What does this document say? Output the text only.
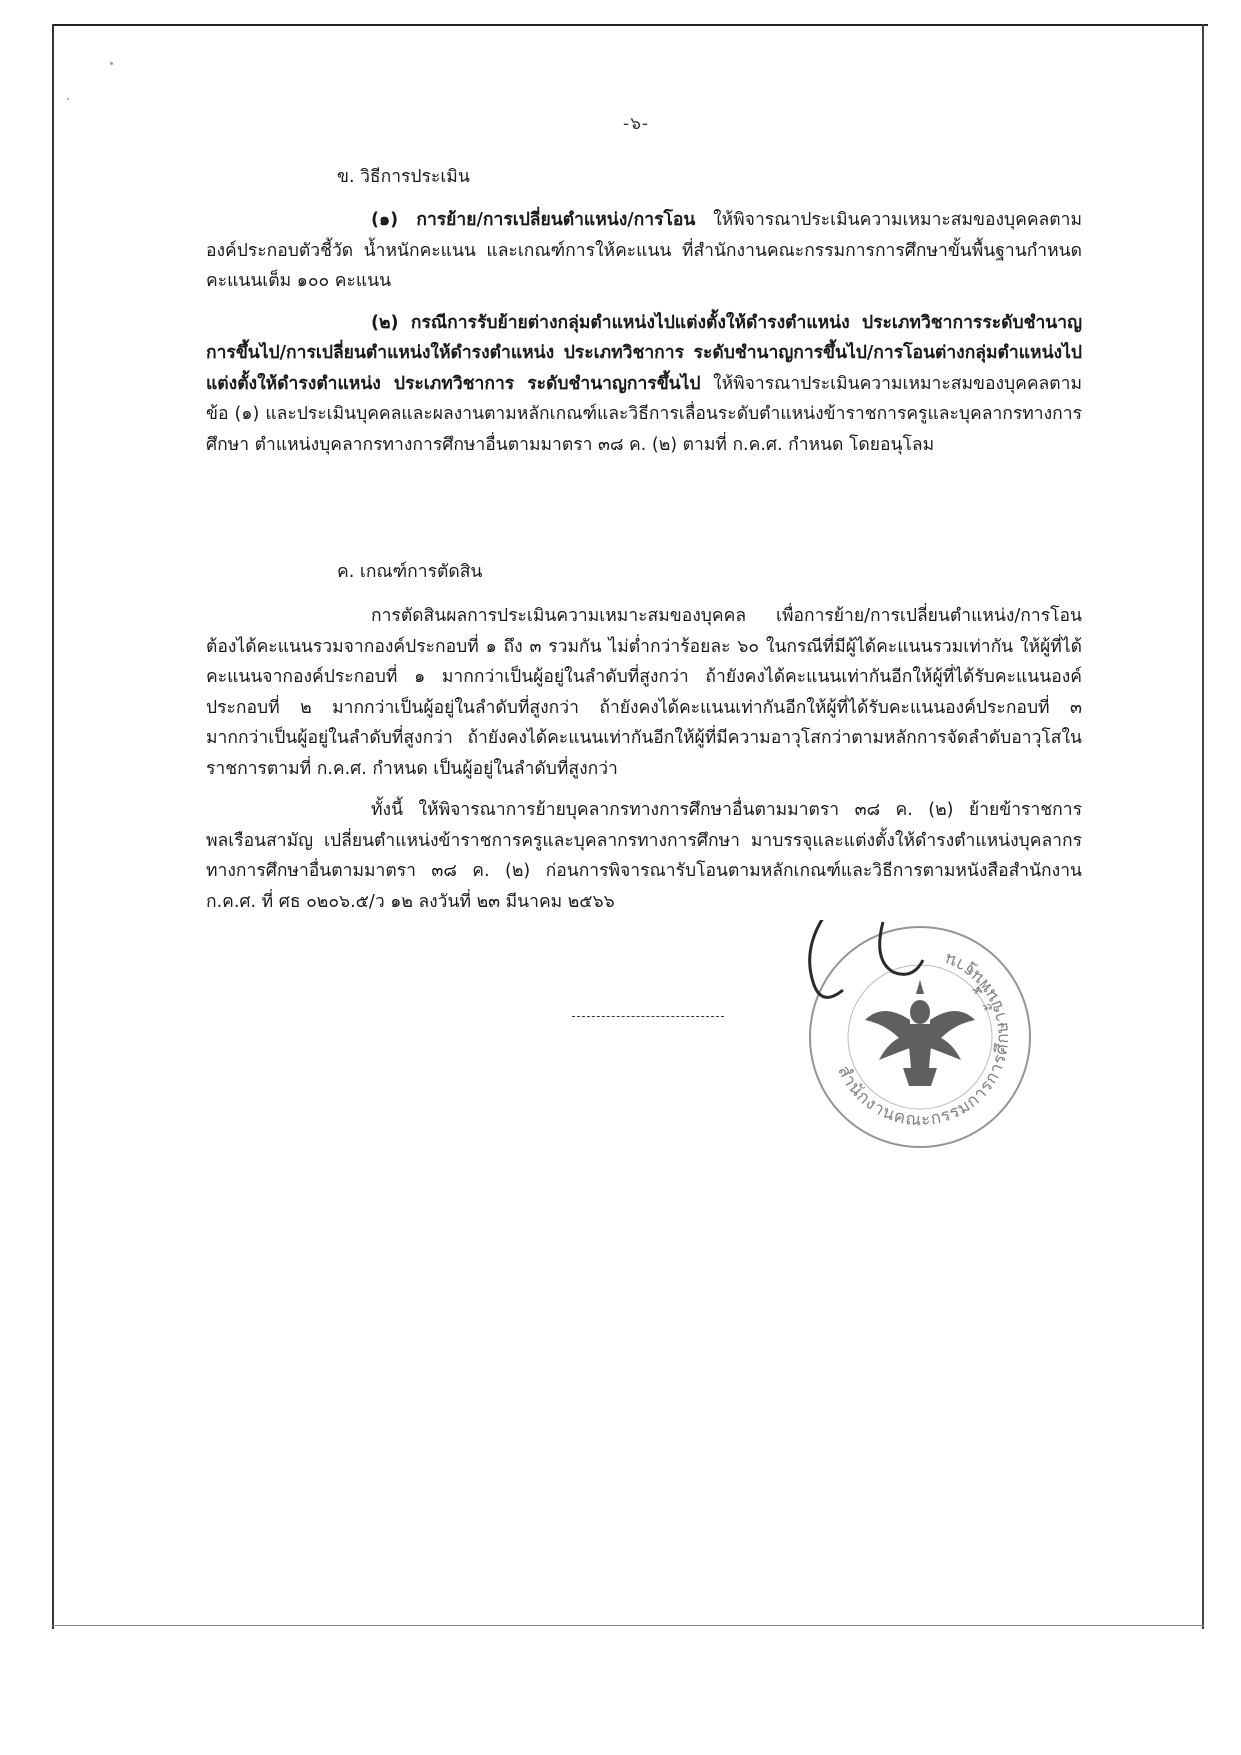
-๖-
ข. วิธีการประเมิน

(๑) การย้าย/การเปลี่ยนตำแหน่ง/การโอน ให้พิจารณาประเมินความเหมาะสมของบุคคลตามองค์ประกอบตัวชี้วัด น้ำหนักคะแนน และเกณฑ์การให้คะแนน ที่สำนักงานคณะกรรมการการศึกษาขั้นพื้นฐานกำหนด คะแนนเต็ม ๑๐๐ คะแนน

(๒) กรณีการรับย้ายต่างกลุ่มตำแหน่งไปแต่งตั้งให้ดำรงตำแหน่ง ประเภทวิชาการระดับชำนาญการขึ้นไป/การเปลี่ยนตำแหน่งให้ดำรงตำแหน่ง ประเภทวิชาการ ระดับชำนาญการขึ้นไป/การโอนต่างกลุ่มตำแหน่งไปแต่งตั้งให้ดำรงตำแหน่ง ประเภทวิชาการ ระดับชำนาญการขึ้นไป ให้พิจารณาประเมินความเหมาะสมของบุคคลตามข้อ (๑) และประเมินบุคคลและผลงานตามหลักเกณฑ์และวิธีการเลื่อนระดับตำแหน่งข้าราชการครูและบุคลากรทางการศึกษา ตำแหน่งบุคลากรทางการศึกษาอื่นตามมาตรา ๓๘ ค. (๒) ตามที่ ก.ค.ศ. กำหนด โดยอนุโลม

ค. เกณฑ์การตัดสิน

การตัดสินผลการประเมินความเหมาะสมของบุคคล เพื่อการย้าย/การเปลี่ยนตำแหน่ง/การโอน ต้องได้คะแนนรวมจากองค์ประกอบที่ ๑ ถึง ๓ รวมกัน ไม่ต่ำกว่าร้อยละ ๖๐ ในกรณีที่มีผู้ได้คะแนนรวมเท่ากัน ให้ผู้ที่ได้คะแนนจากองค์ประกอบที่ ๑ มากกว่าเป็นผู้อยู่ในลำดับที่สูงกว่า ถ้ายังคงได้คะแนนเท่ากันอีกให้ผู้ที่ได้รับคะแนนองค์ประกอบที่ ๒ มากกว่าเป็นผู้อยู่ในลำดับที่สูงกว่า ถ้ายังคงได้คะแนนเท่ากันอีกให้ผู้ที่ได้รับคะแนนองค์ประกอบที่ ๓ มากกว่าเป็นผู้อยู่ในลำดับที่สูงกว่า ถ้ายังคงได้คะแนนเท่ากันอีกให้ผู้ที่มีความอาวุโสกว่าตามหลักการจัดลำดับอาวุโสในราชการตามที่ ก.ค.ศ. กำหนด เป็นผู้อยู่ในลำดับที่สูงกว่า

ทั้งนี้ ให้พิจารณาการย้ายบุคลากรทางการศึกษาอื่นตามมาตรา ๓๘ ค. (๒) ย้ายข้าราชการพลเรือนสามัญ เปลี่ยนตำแหน่งข้าราชการครูและบุคลากรทางการศึกษา มาบรรจุและแต่งตั้งให้ดำรงตำแหน่งบุคลากรทางการศึกษาอื่นตามมาตรา ๓๘ ค. (๒) ก่อนการพิจารณารับโอนตามหลักเกณฑ์และวิธีการตามหนังสือสำนักงาน ก.ค.ศ. ที่ ศธ ๐๒๐๖.๕/ว ๑๒ ลงวันที่ ๒๓ มีนาคม ๒๕๖๖

สำนักงานคณะกรรมการการศึกษาขั้นพื้นฐาน
